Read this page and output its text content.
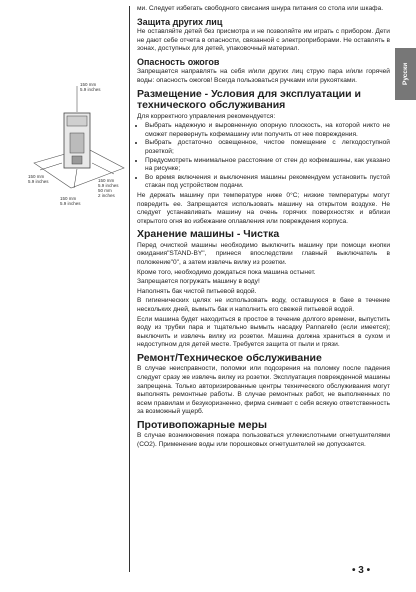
150 mm
5.9 inches
150 mm
5.9 inches	150 mm
5.9 inches
50 mm
2 inches
150 mm
5.9 inches

ми. Следует избегать свободного свисания шнура питания со стола или шкафа.

Защита других лиц

Не оставляйте детей без присмотра и не позволяйте им играть с прибором. Дети не дают себе отчета в опасности, связанной с электроприборами. Не оставлять в зонах, доступных для детей, упаковочный материал.

Опасность ожогов

Запрещается направлять на себя и/или других лиц струю пара и/или горячей воды: опасность ожогов! Всегда пользоваться ручками или рукоятками.

Размещение - Условия для эксплуатации и технического обслуживания

Для корректного управления рекомендуется:

• Выбрать надежную и выровненную опорную плоскость, на которой никто не сможет перевернуть кофемашину или получить от нее повреждения.
• Выбрать достаточно освещенное, чистое помещение с легкодоступной розеткой;
• Предусмотреть минимальное расстояние от стен до кофемашины, как указано на рисунке;
• Во время включения и выключения машины рекомендуем установить пустой стакан под устройством подачи.

Не держать машину при температуре ниже 0°C; низкие температуры могут повредить ее. Запрещается использовать машину на открытом воздухе. Не следует устанавливать машину на очень горячих поверхностях и вблизи открытого огня во избежание оплавления или повреждения корпуса.

Хранение машины - Чистка

Перед очисткой машины необходимо выключить машину при помощи кнопки ожидания"STAND-BY", принеся впоследствии главный выключатель в положение"0", а затем извлечь вилку из розетки.

Кроме того, необходимо дождаться пока машина остынет.

Запрещается погружать машину в воду!

Наполнять бак чистой питьевой водой.

В гигиенических целях не использовать воду, оставшуюся в баке в течение нескольких дней, вымыть бак и наполнить его свежей питьевой водой.

Если машина будет находиться в простое в течение долгого времени, выпустить воду из трубки пара и тщательно вымыть насадку Pannarello (если имеется); выключить и извлечь вилку из розетки. Машина должна храниться в сухом и недоступном для детей месте. Требуется защита от пыли и грязи.

Ремонт/Техническое обслуживание

В случае неисправности, поломки или подозрения на поломку после падения следует сразу же извлечь вилку из розетки. Эксплуатация поврежденной машины запрещена. Только авторизированные центры технического обслуживания могут выполнять ремонтные работы. В случае ремонтных работ, не выполненных по всем правилам и безукоризненно, фирма снимает с себя всякую ответственность за возможный ущерб.

Противопожарные меры

В случае возникновения пожара пользоваться углекислотными огнетушителями (CO2). Применение воды или порошковых огнетушителей не допускается.

Русски
• 3 •
